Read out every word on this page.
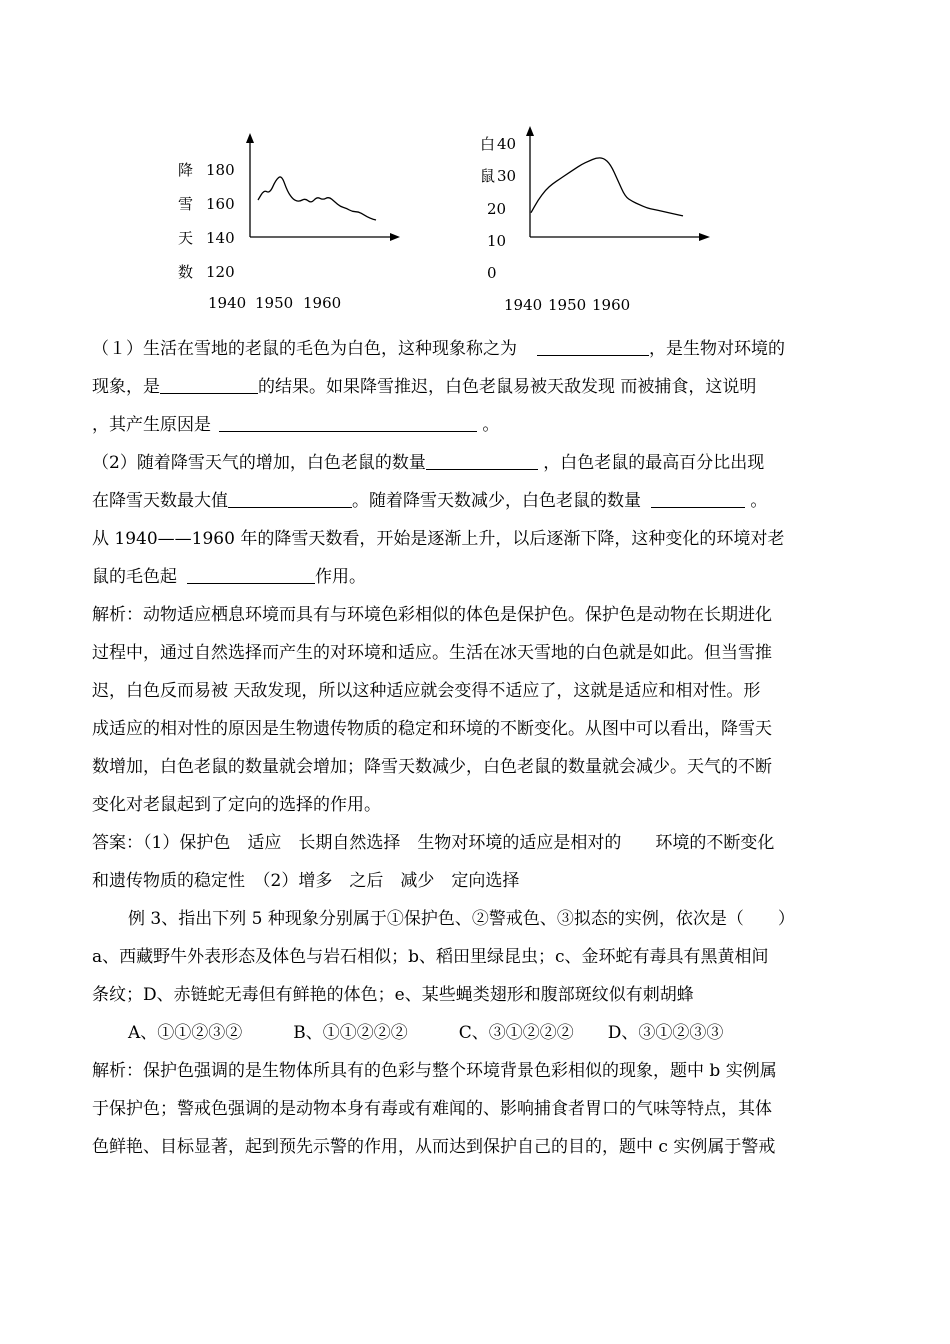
降
雪
天
数
180
160
140
120
1940 1950 1960
白
鼠
40
30
20
10
0
1940 1950 1960
（１）生活在雪地的老鼠的毛色为白色，这种现象称之为	，是生物对环境的
现象，是	的结果。如果降雪推迟，白色老鼠易被天敌发现 而被捕食，这说明
，其产生原因是	。
（2）随着降雪天气的增加，白色老鼠的数量	，白色老鼠的最高百分比出现
在降雪天数最大值	。随着降雪天数减少，白色老鼠的数量	。
从 1940——1960 年的降雪天数看，开始是逐渐上升，以后逐渐下降，这种变化的环境对老
鼠的毛色起	作用。
解析：动物适应栖息环境而具有与环境色彩相似的体色是保护色。保护色是动物在长期进化
过程中，通过自然选择而产生的对环境和适应。生活在冰天雪地的白色就是如此。但当雪推
迟，白色反而易被 天敌发现，所以这种适应就会变得不适应了，这就是适应和相对性。形
成适应的相对性的原因是生物遗传物质的稳定和环境的不断变化。从图中可以看出，降雪天
数增加，白色老鼠的数量就会增加；降雪天数减少，白色老鼠的数量就会减少。天气的不断
变化对老鼠起到了定向的选择的作用。
答案：（1）保护色　适应　长期自然选择　生物对环境的适应是相对的　　环境的不断变化
和遗传物质的稳定性　（2）增多　之后　减少　定向选择
例 3、指出下列 5 种现象分别属于①保护色、②警戒色、③拟态的实例，依次是（　　）
a、西藏野牛外表形态及体色与岩石相似；b、稻田里绿昆虫；c、金环蛇有毒具有黑黄相间
条纹；D、赤链蛇无毒但有鲜艳的体色；e、某些蝇类翅形和腹部斑纹似有刺胡蜂
A、①①②③②　　　B、①①②②②　　　C、③①②②②　　D、③①②③③
解析：保护色强调的是生物体所具有的色彩与整个环境背景色彩相似的现象，题中 b 实例属
于保护色；警戒色强调的是动物本身有毒或有难闻的、影响捕食者胃口的气味等特点，其体
色鲜艳、目标显著，起到预先示警的作用，从而达到保护自己的目的，题中 c 实例属于警戒
